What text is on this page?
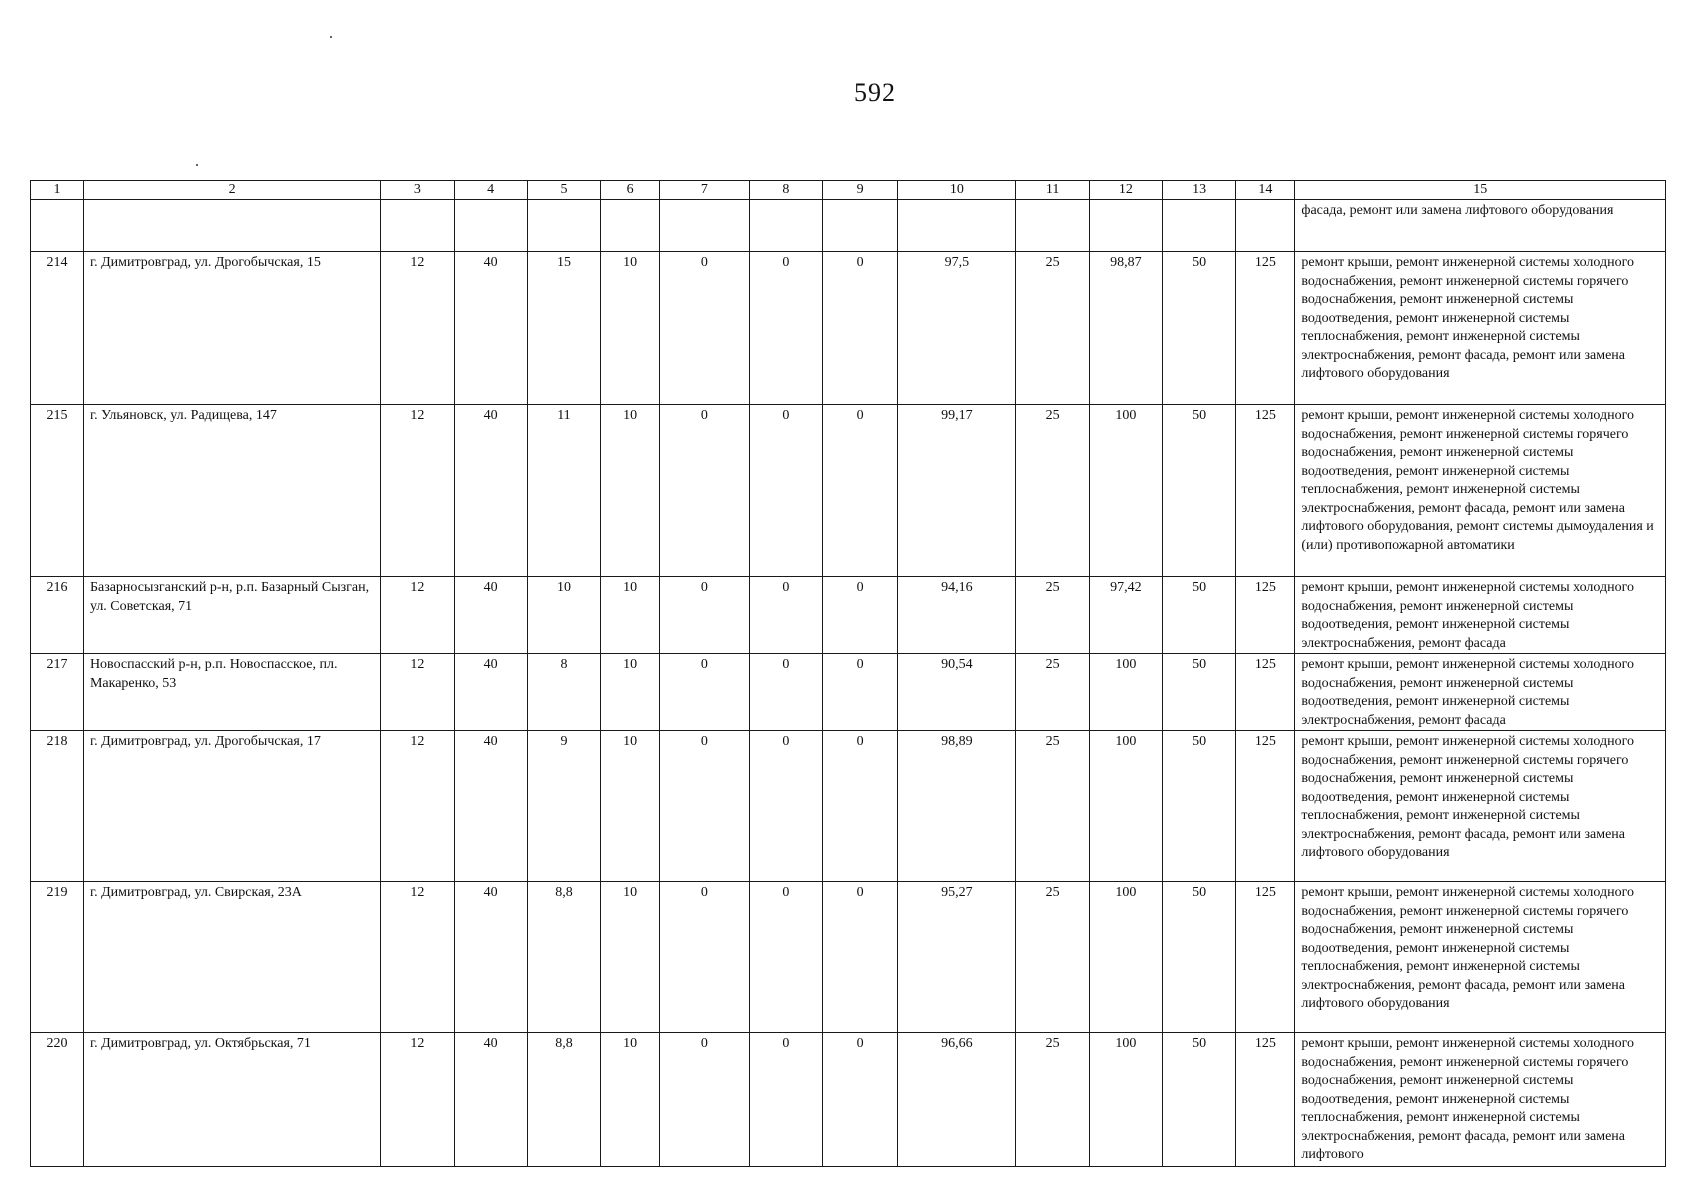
592
1	2	3	4	5	6	7	8	9	10	11	12	13	14	15
														фасада, ремонт или замена лифтового оборудования
214	г. Димитровград, ул. Дрогобычская, 15	12	40	15	10	0	0	0	97,5	25	98,87	50	125	ремонт крыши, ремонт инженерной системы холодного водоснабжения, ремонт инженерной системы горячего водоснабжения, ремонт инженерной системы водоотведения, ремонт инженерной системы теплоснабжения, ремонт инженерной системы электроснабжения, ремонт фасада, ремонт или замена лифтового оборудования
215	г. Ульяновск, ул. Радищева, 147	12	40	11	10	0	0	0	99,17	25	100	50	125	ремонт крыши, ремонт инженерной системы холодного водоснабжения, ремонт инженерной системы горячего водоснабжения, ремонт инженерной системы водоотведения, ремонт инженерной системы теплоснабжения, ремонт инженерной системы электроснабжения, ремонт фасада, ремонт или замена лифтового оборудования, ремонт системы дымоудаления и (или) противопожарной автоматики
216	Базарносызганский р-н, р.п. Базарный Сызган, ул. Советская, 71	12	40	10	10	0	0	0	94,16	25	97,42	50	125	ремонт крыши, ремонт инженерной системы холодного водоснабжения, ремонт инженерной системы водоотведения, ремонт инженерной системы электроснабжения, ремонт фасада
217	Новоспасский р-н, р.п. Новоспасское, пл. Макаренко, 53	12	40	8	10	0	0	0	90,54	25	100	50	125	ремонт крыши, ремонт инженерной системы холодного водоснабжения, ремонт инженерной системы водоотведения, ремонт инженерной системы электроснабжения, ремонт фасада
218	г. Димитровград, ул. Дрогобычская, 17	12	40	9	10	0	0	0	98,89	25	100	50	125	ремонт крыши, ремонт инженерной системы холодного водоснабжения, ремонт инженерной системы горячего водоснабжения, ремонт инженерной системы водоотведения, ремонт инженерной системы теплоснабжения, ремонт инженерной системы электроснабжения, ремонт фасада, ремонт или замена лифтового оборудования
219	г. Димитровград, ул. Свирская, 23А	12	40	8,8	10	0	0	0	95,27	25	100	50	125	ремонт крыши, ремонт инженерной системы холодного водоснабжения, ремонт инженерной системы горячего водоснабжения, ремонт инженерной системы водоотведения, ремонт инженерной системы теплоснабжения, ремонт инженерной системы электроснабжения, ремонт фасада, ремонт или замена лифтового оборудования
220	г. Димитровград, ул. Октябрьская, 71	12	40	8,8	10	0	0	0	96,66	25	100	50	125	ремонт крыши, ремонт инженерной системы холодного водоснабжения, ремонт инженерной системы горячего водоснабжения, ремонт инженерной системы водоотведения, ремонт инженерной системы теплоснабжения, ремонт инженерной системы электроснабжения, ремонт фасада, ремонт или замена лифтового
